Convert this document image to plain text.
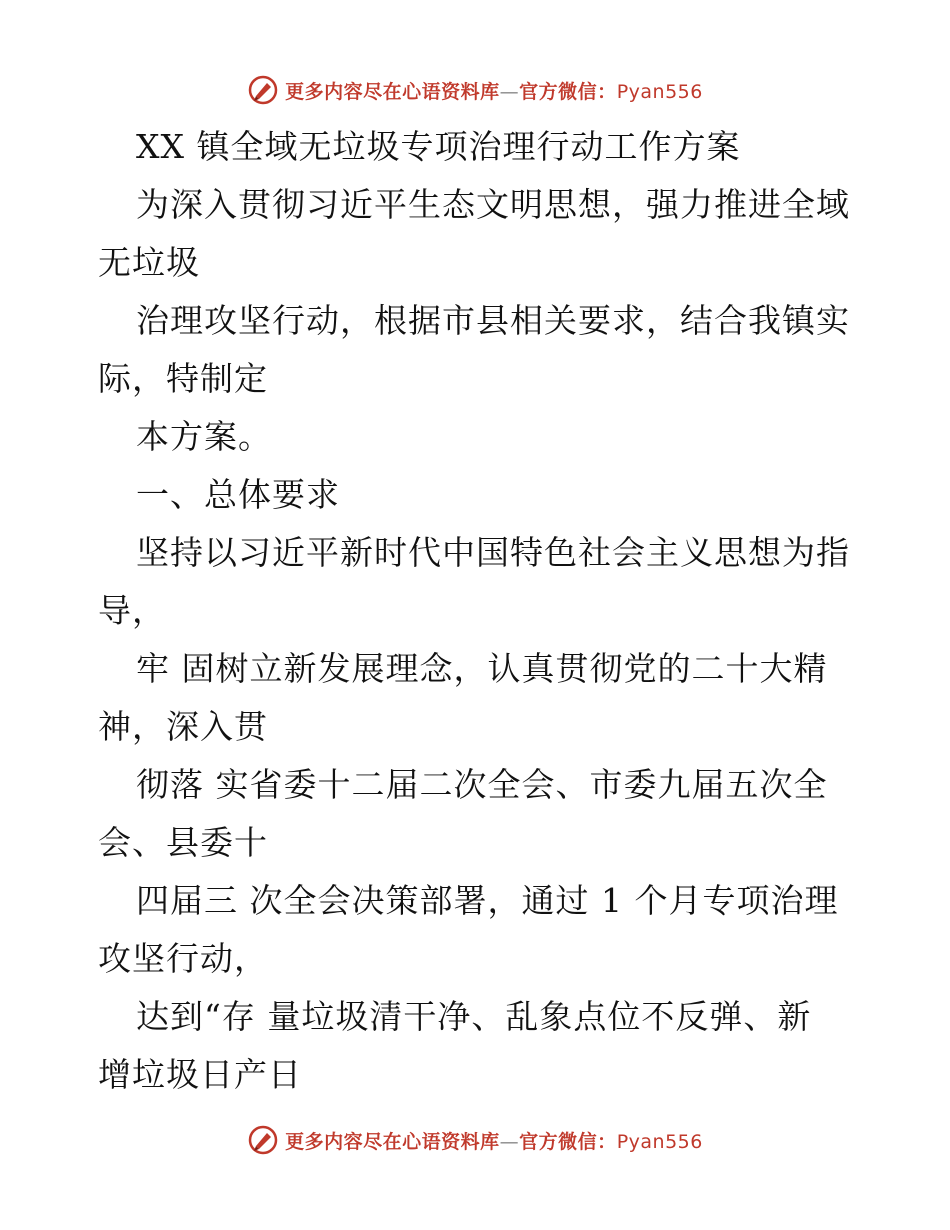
更多内容尽在心语资料库—官方微信：Pyan556
XX 镇全域无垃圾专项治理行动工作方案
为深入贯彻习近平生态文明思想，强力推进全域
无垃圾
治理攻坚行动，根据市县相关要求，结合我镇实
际，特制定
本方案。
一、总体要求
坚持以习近平新时代中国特色社会主义思想为指
导，
牢 固树立新发展理念，认真贯彻党的二十大精
神，深入贯
彻落 实省委十二届二次全会、市委九届五次全
会、县委十
四届三 次全会决策部署，通过 1 个月专项治理
攻坚行动，
达到“存 量垃圾清干净、乱象点位不反弹、新
增垃圾日产日
更多内容尽在心语资料库—官方微信：Pyan556
